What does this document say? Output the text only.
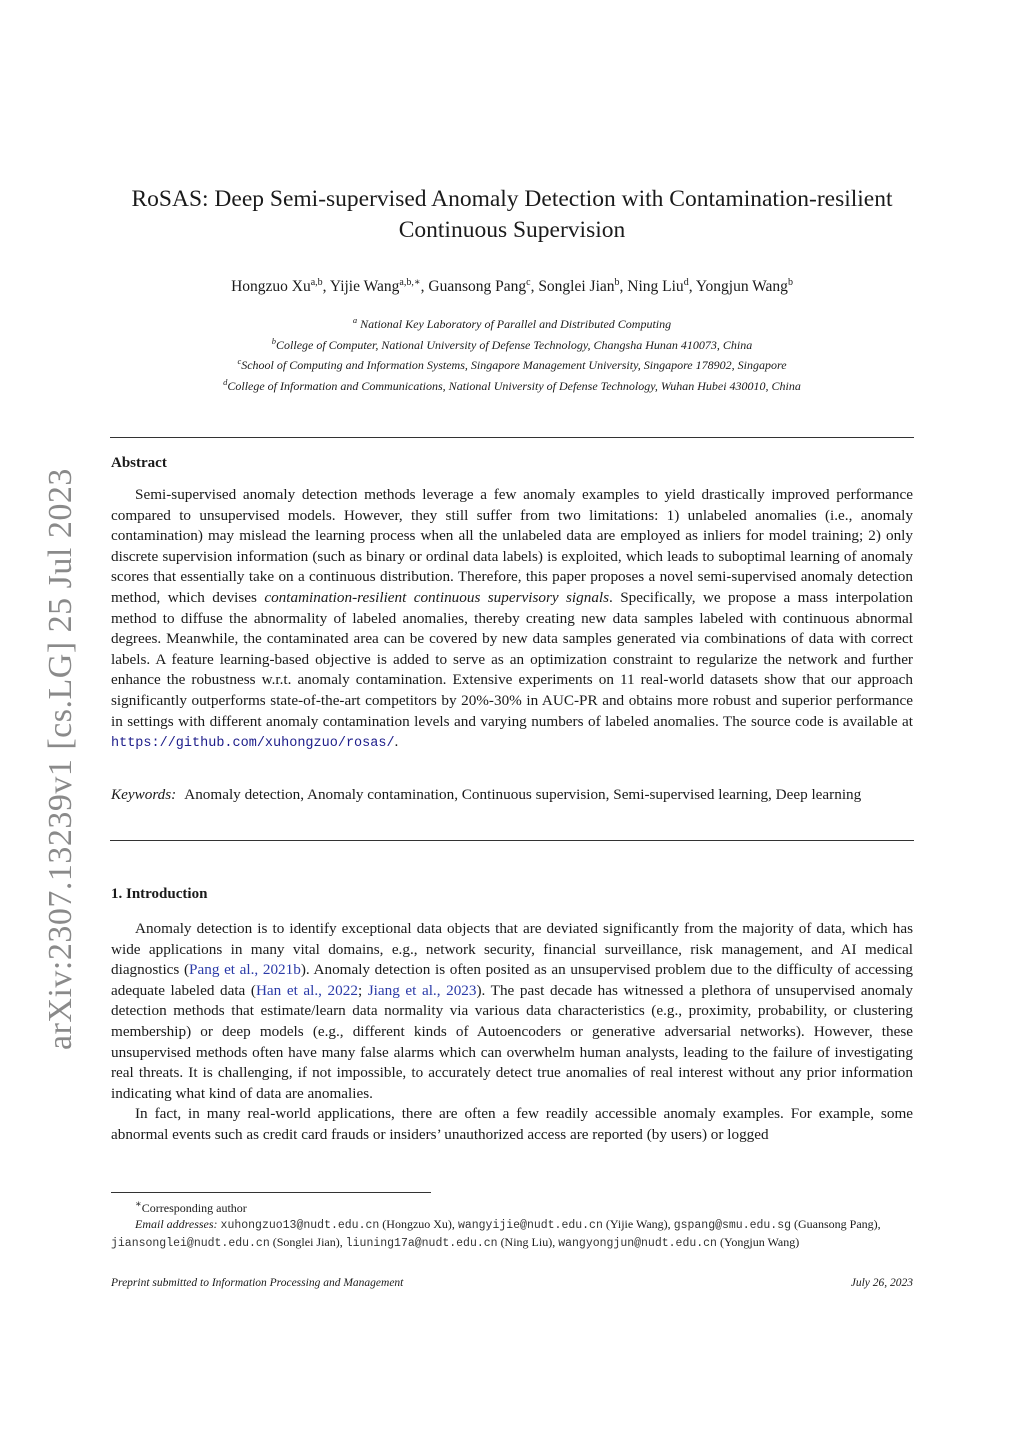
arXiv:2307.13239v1 [cs.LG] 25 Jul 2023
RoSAS: Deep Semi-supervised Anomaly Detection with Contamination-resilient
Continuous Supervision
Hongzuo Xu$^{a,b}$, Yijie Wang$^{a,b,∗}$, Guansong Pang$^c$, Songlei Jian$^b$, Ning Liu$^d$, Yongjun Wang$^b$
$^a$ National Key Laboratory of Parallel and Distributed Computing
$^b$College of Computer, National University of Defense Technology, Changsha Hunan 410073, China
$^c$School of Computing and Information Systems, Singapore Management University, Singapore 178902, Singapore
$^d$College of Information and Communications, National University of Defense Technology, Wuhan Hubei 430010, China
Abstract

Semi-supervised anomaly detection methods leverage a few anomaly examples to yield drastically improved performance compared to unsupervised models. However, they still suffer from two limitations: 1) unlabeled anomalies (i.e., anomaly contamination) may mislead the learning process when all the unlabeled data are employed as inliers for model training; 2) only discrete supervision information (such as binary or ordinal data labels) is exploited, which leads to suboptimal learning of anomaly scores that essentially take on a continuous distribution. Therefore, this paper proposes a novel semi-supervised anomaly detection method, which devises contamination-resilient continuous supervisory signals. Specifically, we propose a mass interpolation method to diffuse the abnormality of labeled anomalies, thereby creating new data samples labeled with continuous abnormal degrees. Meanwhile, the contaminated area can be covered by new data samples generated via combinations of data with correct labels. A feature learning-based objective is added to serve as an optimization constraint to regularize the network and further enhance the robustness w.r.t. anomaly contamination. Extensive experiments on 11 real-world datasets show that our approach significantly outperforms state-of-the-art competitors by 20%-30% in AUC-PR and obtains more robust and superior performance in settings with different anomaly contamination levels and varying numbers of labeled anomalies. The source code is available at https://github.com/xuhongzuo/rosas/.

Keywords: Anomaly detection, Anomaly contamination, Continuous supervision, Semi-supervised learning, Deep learning
1. Introduction

Anomaly detection is to identify exceptional data objects that are deviated significantly from the majority of data, which has wide applications in many vital domains, e.g., network security, financial surveillance, risk management, and AI medical diagnostics (Pang et al., 2021b). Anomaly detection is often posited as an unsupervised problem due to the difficulty of accessing adequate labeled data (Han et al., 2022; Jiang et al., 2023). The past decade has witnessed a plethora of unsupervised anomaly detection methods that estimate/learn data normality via various data characteristics (e.g., proximity, probability, or clustering membership) or deep models (e.g., different kinds of Autoencoders or generative adversarial networks). However, these unsupervised methods often have many false alarms which can overwhelm human analysts, leading to the failure of investigating real threats. It is challenging, if not impossible, to accurately detect true anomalies of real interest without any prior information indicating what kind of data are anomalies.

In fact, in many real-world applications, there are often a few readily accessible anomaly examples. For example, some abnormal events such as credit card frauds or insiders’ unauthorized access are reported (by users) or logged

∗Corresponding author
Email addresses: xuhongzuo13@nudt.edu.cn (Hongzuo Xu), wangyijie@nudt.edu.cn (Yijie Wang), gspang@smu.edu.sg (Guansong Pang), jiansonglei@nudt.edu.cn (Songlei Jian), liuning17a@nudt.edu.cn (Ning Liu), wangyongjun@nudt.edu.cn (Yongjun Wang)
Preprint submitted to Information Processing and Management	July 26, 2023
